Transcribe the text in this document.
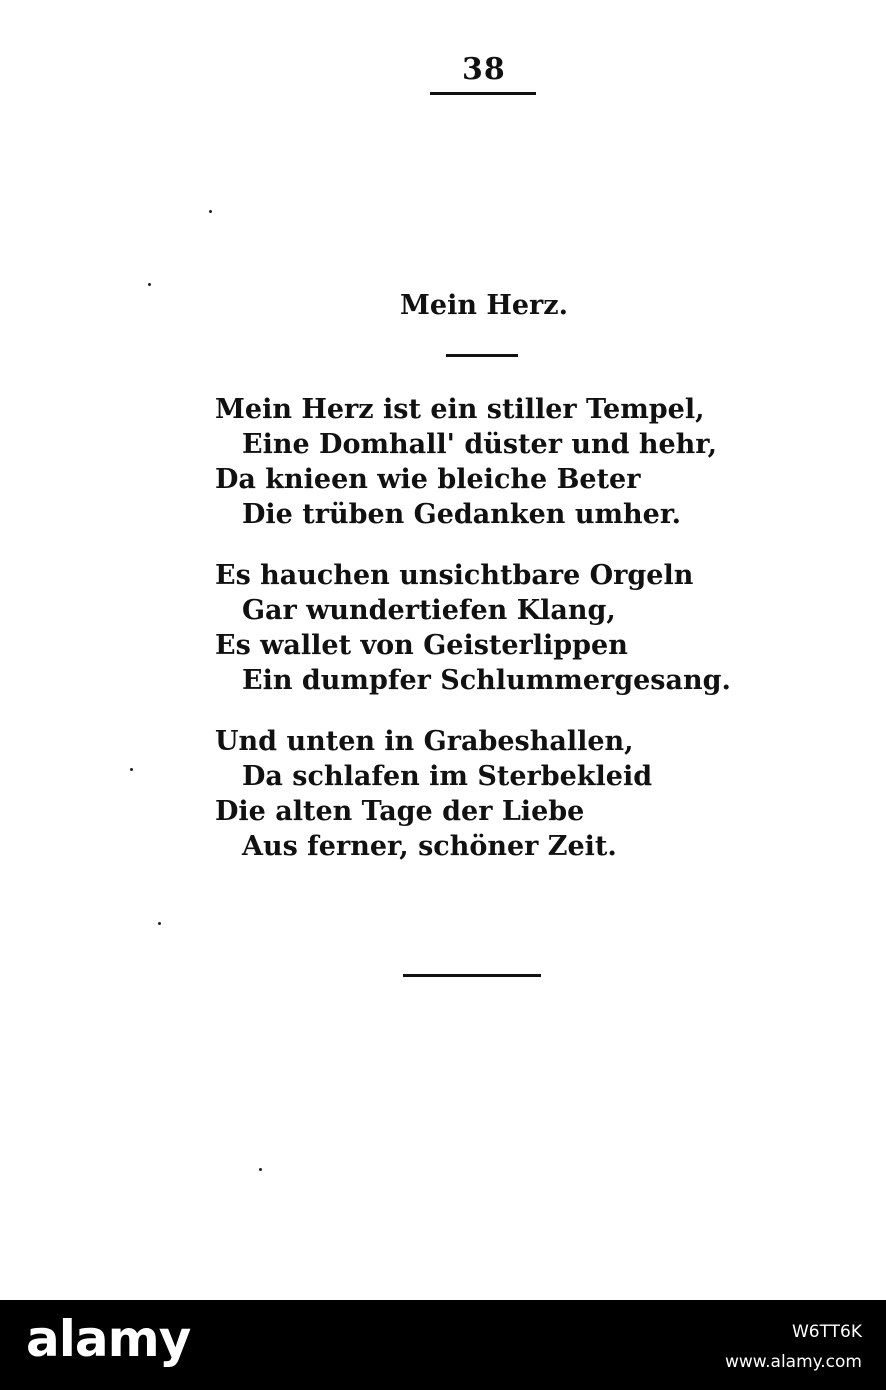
38
Mein Herz.
Mein Herz ist ein stiller Tempel,
Eine Domhall' düster und hehr,
Da knieen wie bleiche Beter
Die trüben Gedanken umher.
Es hauchen unsichtbare Orgeln
Gar wundertiefen Klang,
Es wallet von Geisterlippen
Ein dumpfer Schlummergesang.
Und unten in Grabeshallen,
Da schlafen im Sterbekleid
Die alten Tage der Liebe
Aus ferner, schöner Zeit.
alamy	W6TT6K
www.alamy.com
